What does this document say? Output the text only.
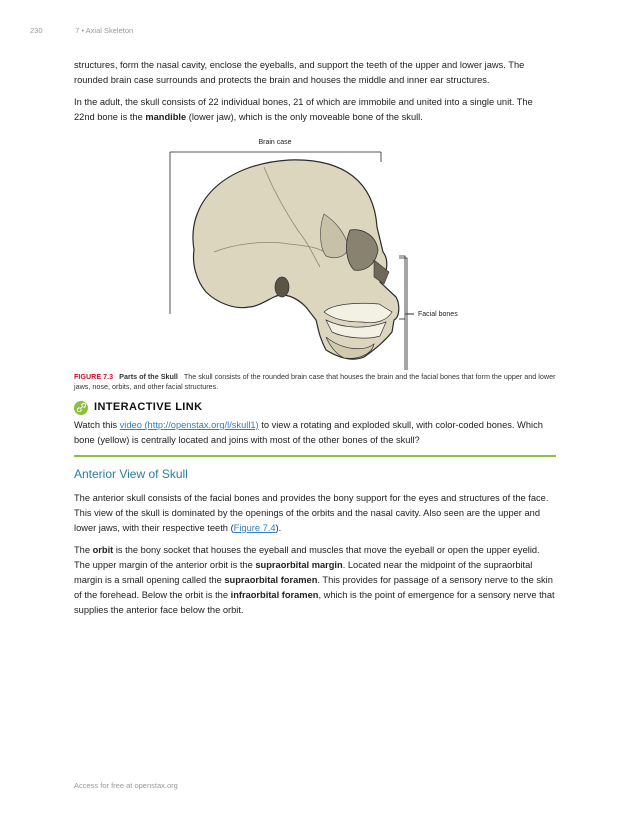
230	7 • Axial Skeleton

structures, form the nasal cavity, enclose the eyeballs, and support the teeth of the upper and lower jaws. The rounded brain case surrounds and protects the brain and houses the middle and inner ear structures.

In the adult, the skull consists of 22 individual bones, 21 of which are immobile and united into a single unit. The 22nd bone is the mandible (lower jaw), which is the only moveable bone of the skull.

Brain case
Facial bones
FIGURE 7.3 Parts of the Skull The skull consists of the rounded brain case that houses the brain and the facial bones that form the upper and lower jaws, nose, orbits, and other facial structures.
INTERACTIVE LINK

Watch this video (http://openstax.org/l/skull1) to view a rotating and exploded skull, with color-coded bones. Which bone (yellow) is centrally located and joins with most of the other bones of the skull?

Anterior View of Skull

The anterior skull consists of the facial bones and provides the bony support for the eyes and structures of the face. This view of the skull is dominated by the openings of the orbits and the nasal cavity. Also seen are the upper and lower jaws, with their respective teeth (Figure 7.4).

The orbit is the bony socket that houses the eyeball and muscles that move the eyeball or open the upper eyelid. The upper margin of the anterior orbit is the supraorbital margin. Located near the midpoint of the supraorbital margin is a small opening called the supraorbital foramen. This provides for passage of a sensory nerve to the skin of the forehead. Below the orbit is the infraorbital foramen, which is the point of emergence for a sensory nerve that supplies the anterior face below the orbit.

Access for free at openstax.org
